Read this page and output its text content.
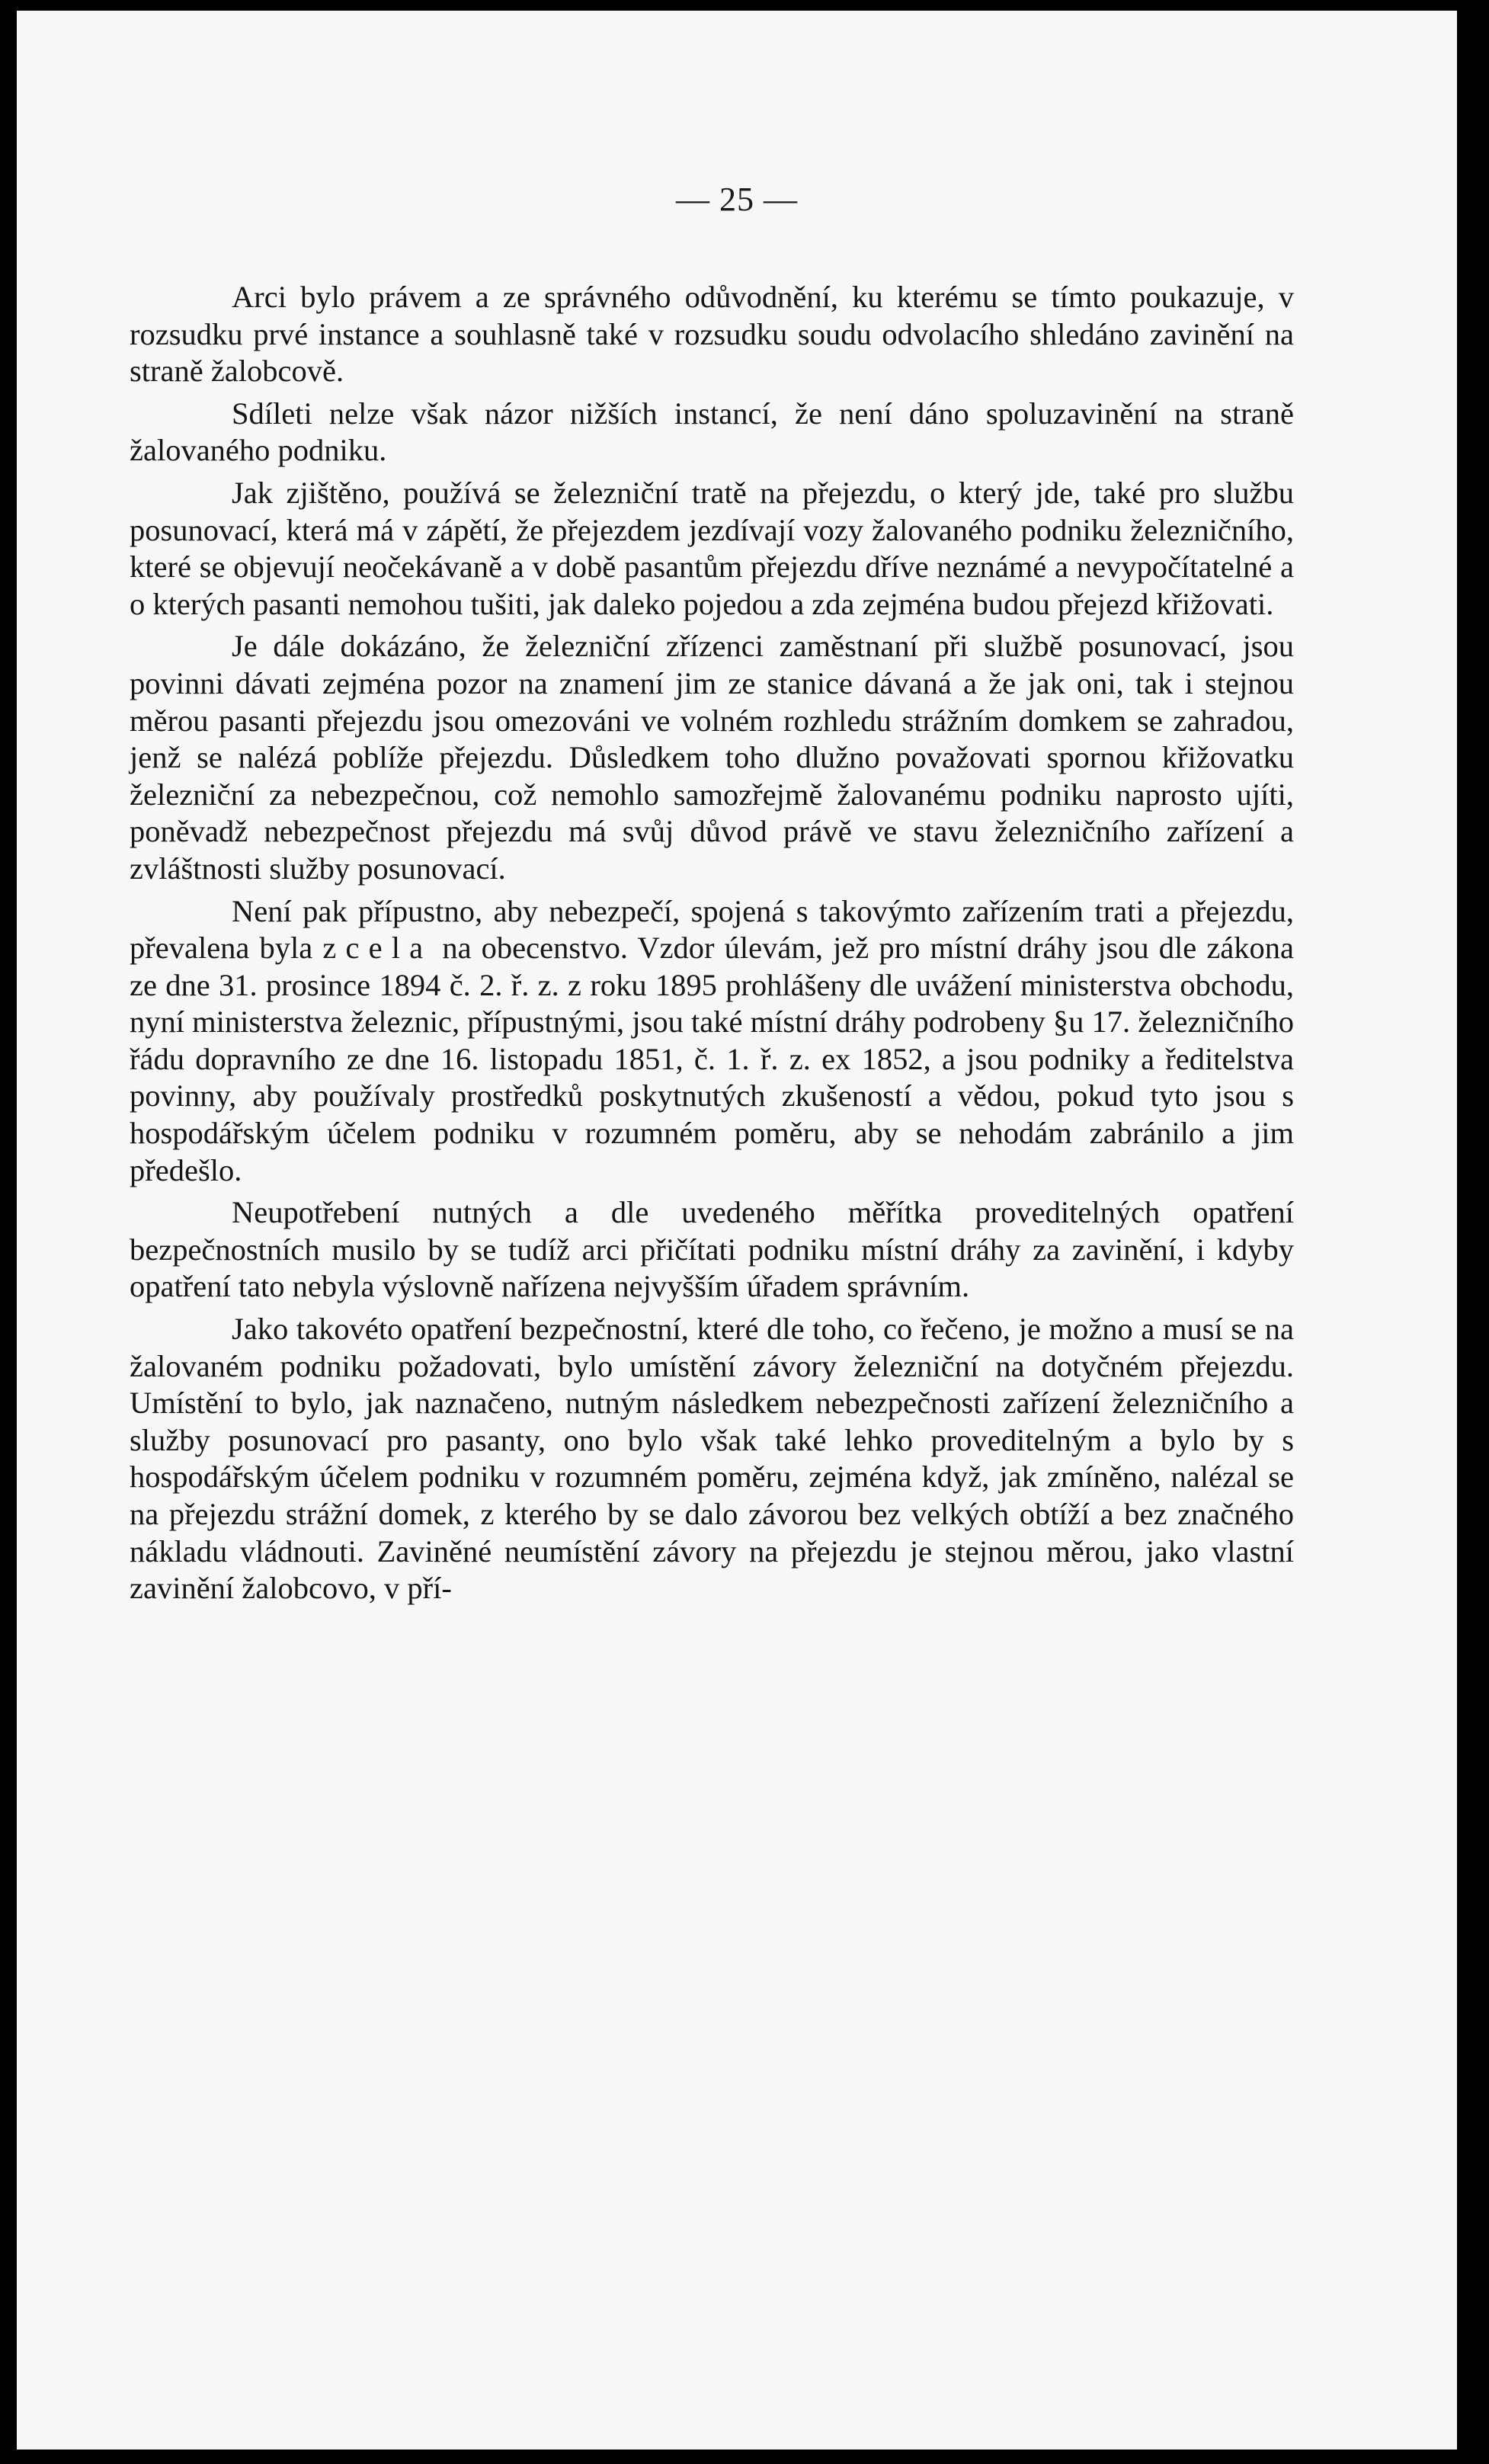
— 25 —

Arci bylo právem a ze správného odůvodnění, ku kterému se tímto poukazuje, v rozsudku prvé instance a souhlasně také v rozsudku soudu odvolacího shledáno zavinění na straně žalobcově.

Sdíleti nelze však názor nižších instancí, že není dáno spoluzavinění na straně žalovaného podniku.

Jak zjištěno, používá se železniční tratě na přejezdu, o který jde, také pro službu posunovací, která má v zápětí, že přejezdem jezdívají vozy žalovaného podniku železničního, které se objevují neočekávaně a v době pasantům přejezdu dříve neznámé a nevypočítatelné a o kterých pasanti nemohou tušiti, jak daleko pojedou a zda zejména budou přejezd křižovati.

Je dále dokázáno, že železniční zřízenci zaměstnaní při službě posunovací, jsou povinni dávati zejména pozor na znamení jim ze stanice dávaná a že jak oni, tak i stejnou měrou pasanti přejezdu jsou omezováni ve volném rozhledu strážním domkem se zahradou, jenž se nalézá poblíže přejezdu. Důsledkem toho dlužno považovati spornou křižovatku železniční za nebezpečnou, což nemohlo samozřejmě žalovanému podniku naprosto ujíti, poněvadž nebezpečnost přejezdu má svůj důvod právě ve stavu železničního zařízení a zvláštnosti služby posunovací.

Není pak přípustno, aby nebezpečí, spojená s takovýmto zařízením trati a přejezdu, převalena byla zcela na obecenstvo. Vzdor úlevám, jež pro místní dráhy jsou dle zákona ze dne 31. prosince 1894 č. 2. ř. z. z roku 1895 prohlášeny dle uvážení ministerstva obchodu, nyní ministerstva železnic, přípustnými, jsou také místní dráhy podrobeny §u 17. železničního řádu dopravního ze dne 16. listopadu 1851, č. 1. ř. z. ex 1852, a jsou podniky a ředitelstva povinny, aby používaly prostředků poskytnutých zkušeností a vědou, pokud tyto jsou s hospodářským účelem podniku v rozumném poměru, aby se nehodám zabránilo a jim předešlo.

Neupotřebení nutných a dle uvedeného měřítka proveditelných opatření bezpečnostních musilo by se tudíž arci přičítati podniku místní dráhy za zavinění, i kdyby opatření tato nebyla výslovně nařízena nejvyšším úřadem správním.

Jako takovéto opatření bezpečnostní, které dle toho, co řečeno, je možno a musí se na žalovaném podniku požadovati, bylo umístění závory železniční na dotyčném přejezdu. Umístění to bylo, jak naznačeno, nutným následkem nebezpečnosti zařízení železničního a služby posunovací pro pasanty, ono bylo však také lehko proveditelným a bylo by s hospodářským účelem podniku v rozumném poměru, zejména když, jak zmíněno, nalézal se na přejezdu strážní domek, z kterého by se dalo závorou bez velkých obtíží a bez značného nákladu vládnouti. Zaviněné neumístění závory na přejezdu je stejnou měrou, jako vlastní zavinění žalobcovo, v pří-
